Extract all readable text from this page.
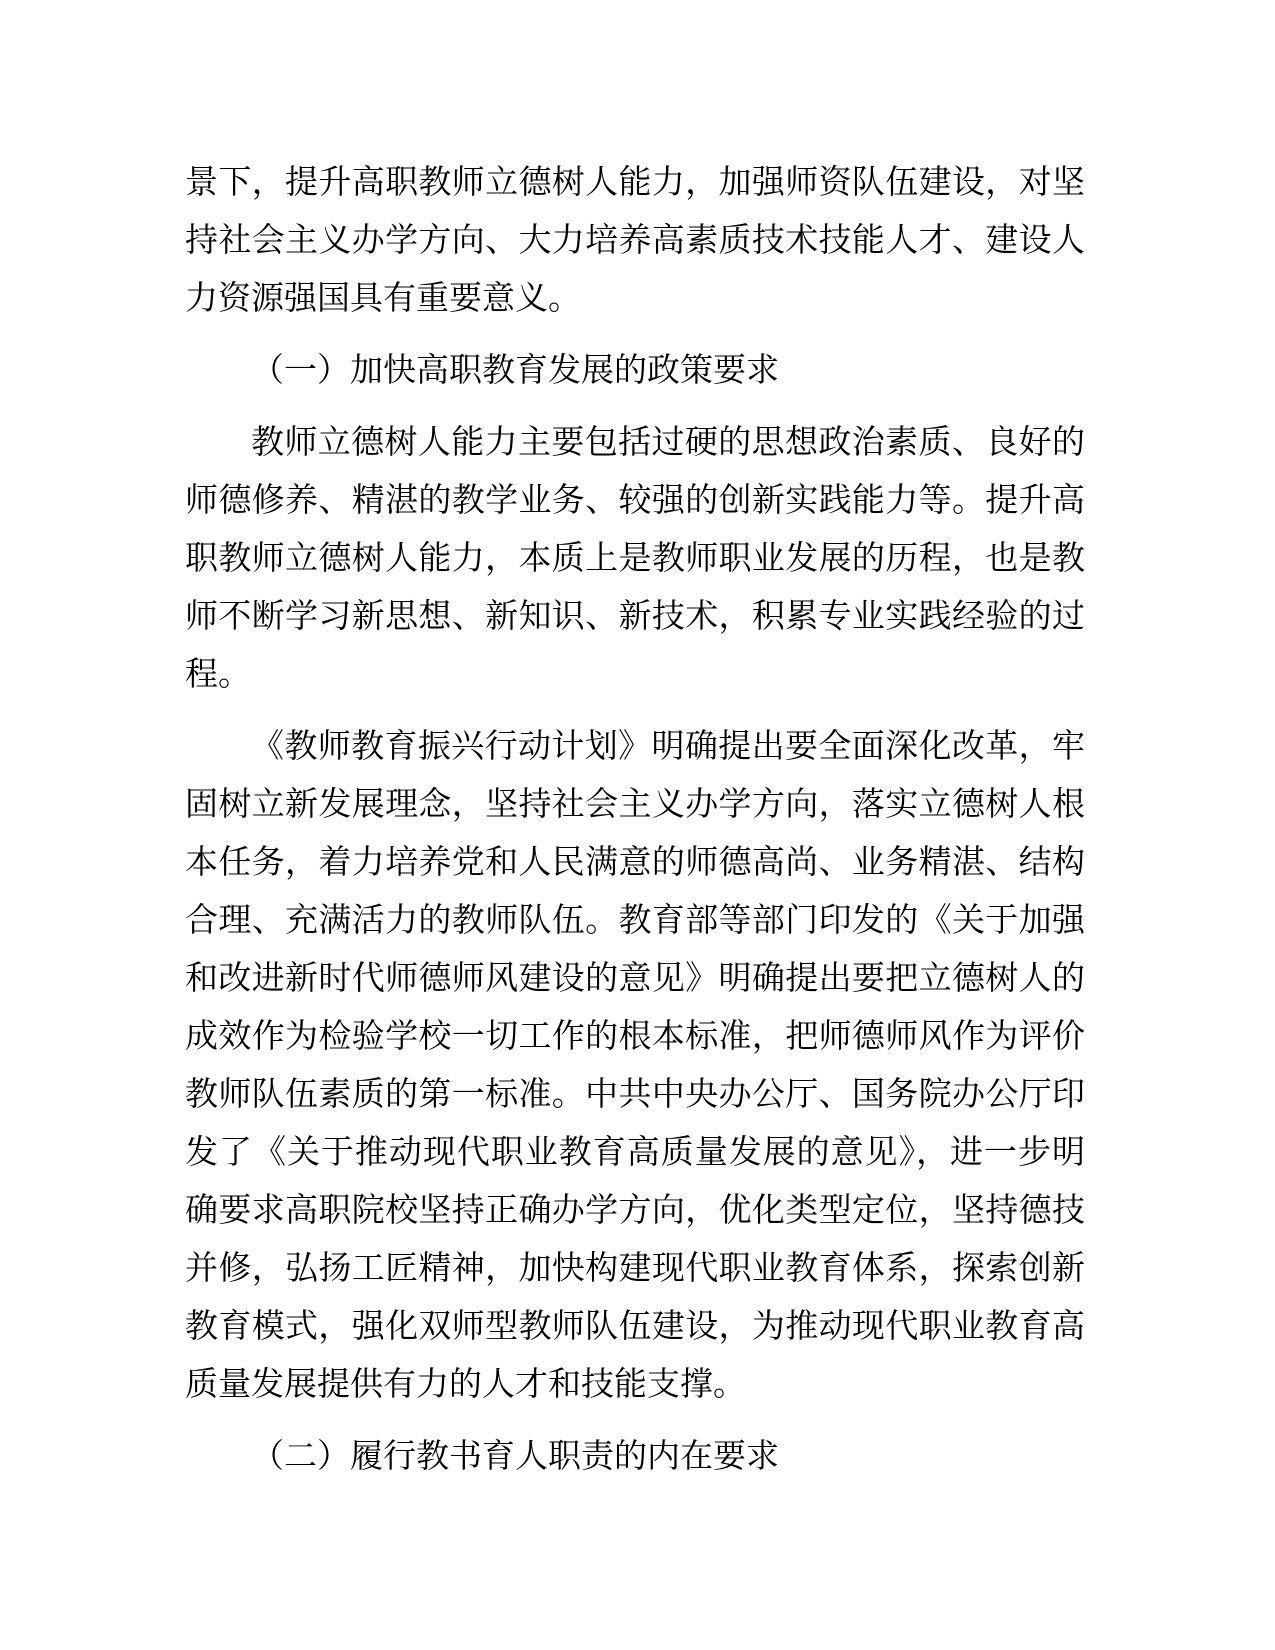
景下，提升高职教师立德树人能力，加强师资队伍建设，对坚
持社会主义办学方向、大力培养高素质技术技能人才、建设人
力资源强国具有重要意义。
（一）加快高职教育发展的政策要求
教师立德树人能力主要包括过硬的思想政治素质、良好的
师德修养、精湛的教学业务、较强的创新实践能力等。提升高
职教师立德树人能力，本质上是教师职业发展的历程，也是教
师不断学习新思想、新知识、新技术，积累专业实践经验的过
程。
《教师教育振兴行动计划》明确提出要全面深化改革，牢
固树立新发展理念，坚持社会主义办学方向，落实立德树人根
本任务，着力培养党和人民满意的师德高尚、业务精湛、结构
合理、充满活力的教师队伍。教育部等部门印发的《关于加强
和改进新时代师德师风建设的意见》明确提出要把立德树人的
成效作为检验学校一切工作的根本标准，把师德师风作为评价
教师队伍素质的第一标准。中共中央办公厅、国务院办公厅印
发了《关于推动现代职业教育高质量发展的意见》，进一步明
确要求高职院校坚持正确办学方向，优化类型定位，坚持德技
并修，弘扬工匠精神，加快构建现代职业教育体系，探索创新
教育模式，强化双师型教师队伍建设，为推动现代职业教育高
质量发展提供有力的人才和技能支撑。
（二）履行教书育人职责的内在要求
